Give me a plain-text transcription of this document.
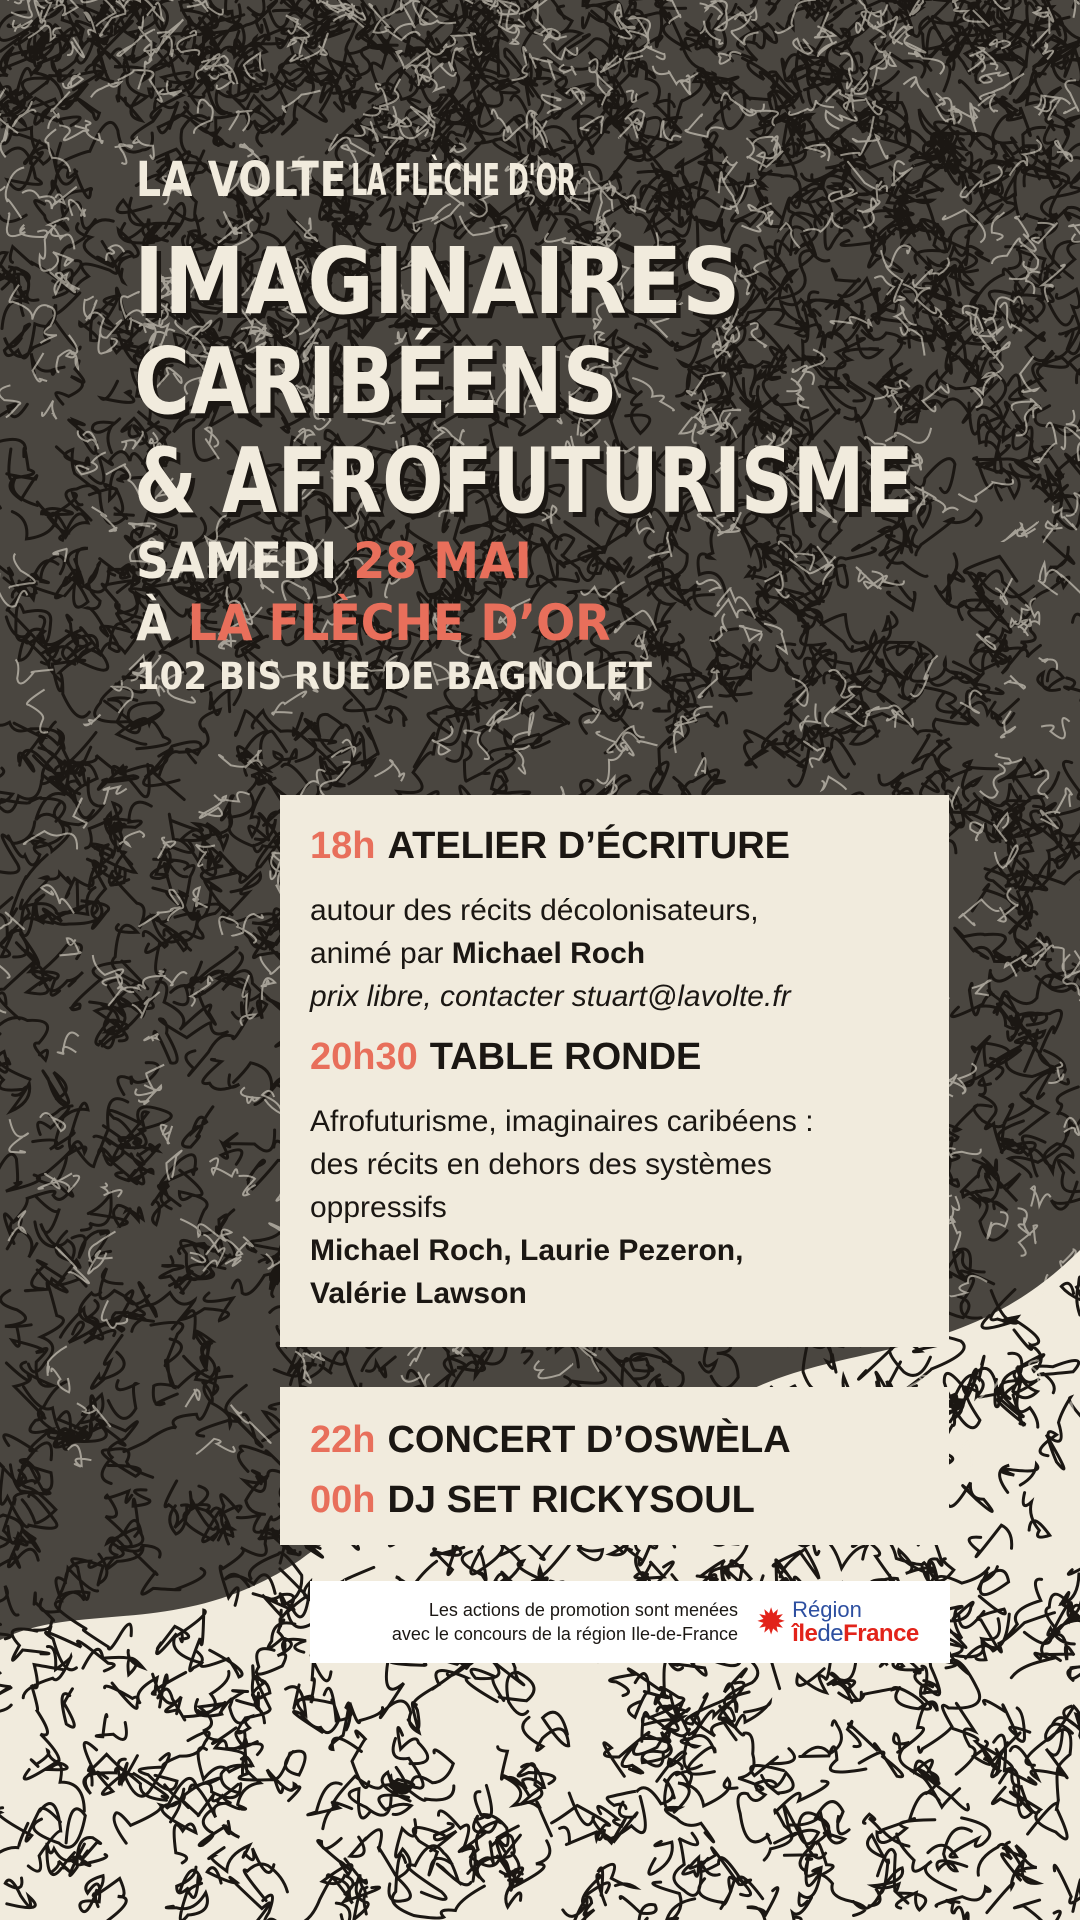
LA VOLTE LA FLÈCHE D'OR
IMAGINAIRES
CARIBÉENS
& AFROFUTURISME
SAMEDI 28 MAI
À LA FLÈCHE D’OR
102 BIS RUE DE BAGNOLET
18h ATELIER D’ÉCRITURE
autour des récits décolonisateurs,
animé par Michael Roch
prix libre, contacter stuart@lavolte.fr
20h30 TABLE RONDE
Afrofuturisme, imaginaires caribéens :
des récits en dehors des systèmes
oppressifs
Michael Roch, Laurie Pezeron,
Valérie Lawson
22h CONCERT D’OSWÈLA
00h DJ SET RICKYSOUL
Les actions de promotion sont menées
avec le concours de la région Ile-de-France ✹ Région
îledeFrance
